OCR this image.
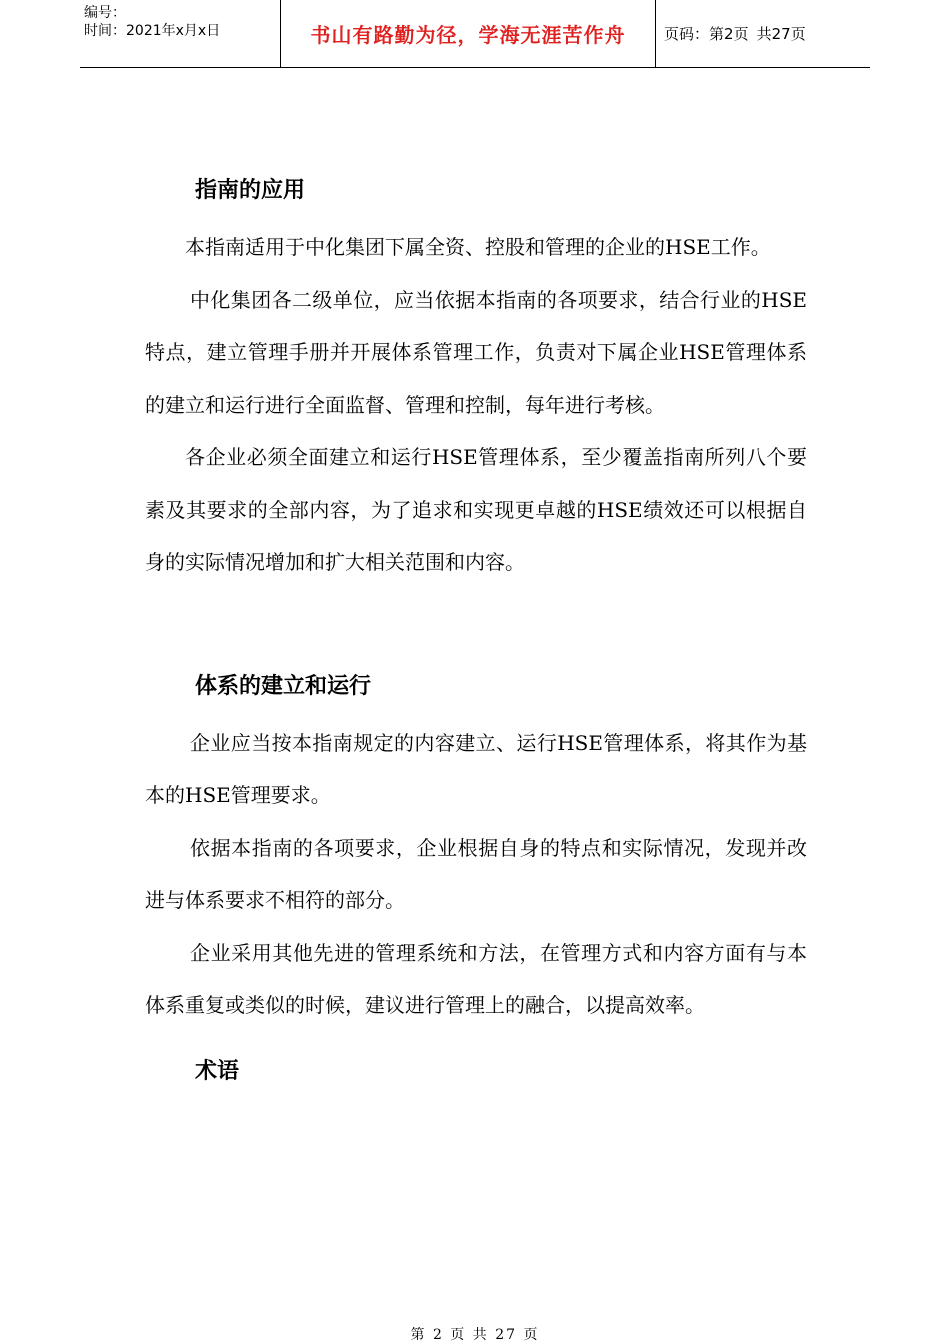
编号：
时间：2021年x月x日	书山有路勤为径，学海无涯苦作舟	页码：第 2 页 共 27 页
指南的应用
本指南适用于中化集团下属全资、控股和管理的企业的HSE工作。
中化集团各二级单位，应当依据本指南的各项要求，结合行业的HSE特点，建立管理手册并开展体系管理工作，负责对下属企业HSE管理体系的建立和运行进行全面监督、管理和控制，每年进行考核。
各企业必须全面建立和运行HSE管理体系，至少覆盖指南所列八个要素及其要求的全部内容，为了追求和实现更卓越的HSE绩效还可以根据自身的实际情况增加和扩大相关范围和内容。
体系的建立和运行
企业应当按本指南规定的内容建立、运行HSE管理体系，将其作为基本的HSE管理要求。
依据本指南的各项要求，企业根据自身的特点和实际情况，发现并改进与体系要求不相符的部分。
企业采用其他先进的管理系统和方法，在管理方式和内容方面有与本体系重复或类似的时候，建议进行管理上的融合，以提高效率。
术语
第 2 页 共 27 页
